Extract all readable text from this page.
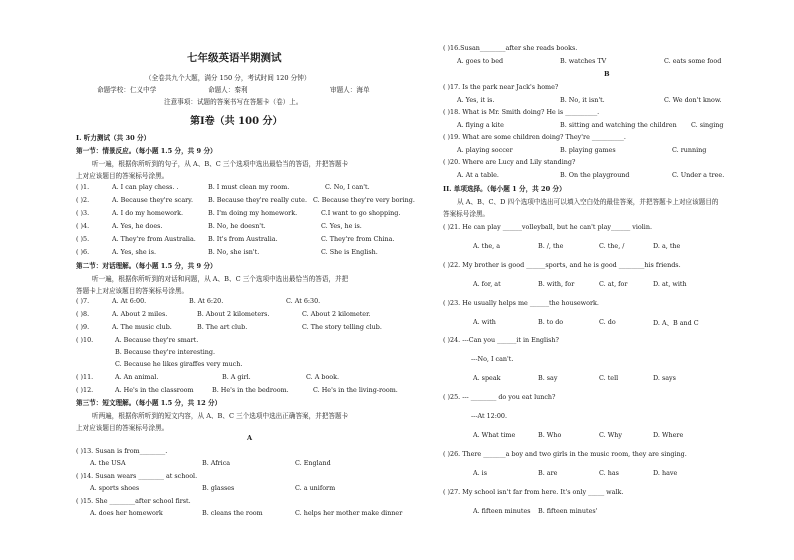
七年级英语半期测试
（全卷共九个大题，满分 150 分，考试时间 120 分钟）
命题学校：仁义中学	命题人：秦利	审题人：海单
注意事项：试题的答案书写在答题卡（卷）上。
第Ⅰ卷（共 100 分）
I. 听力测试（共 30 分）
第一节：情景反应。（每小题 1.5 分，共 9 分）
听一遍，根据你所听到的句子，从 A、B、C 三个选项中选出最恰当的答语，并把答题卡
上对应该题目的答案标号涂黑。
( )1.	A. I can play chess. .	B. I must clean my room.	C. No, I can't.
( )2.	A. Because they're scary. B. Because they're really cute. C. Because they're very boring.
( )3.	A. I do my homework.	B. I'm doing my homework.	C.I want to go shopping.
( )4.	A. Yes, he does.	B. No, he doesn't.	C. Yes, he is.
( )5.	A. They're from Australia. B. It's from Australia.	C. They're from China.
( )6.	A. Yes, she is.	B. No, she isn't.	C. She is English.
第二节：对话理解。（每小题 1.5 分，共 9 分）
听一遍，根据你所听到的对话和问题，从 A、B、C 三个选项中选出最恰当的答语，并把
答题卡上对应该题目的答案标号涂黑。
( )7.	A. At 6:00.	B. At 6:20.	C. At 6:30.
( )8.	A. About 2 miles.	B. About 2 kilometers.	C. About 2 kilometer.
( )9.	A. The music club.	B. The art club.	C. The story telling club.
( )10.	A. Because they're smart.
B. Because they're interesting.
C. Because he likes giraffes very much.
( )11.	A. An animal.	B. A girl.	C. A book.
( )12.	A. He's in the classroom	B. He's in the bedroom.	C. He's in the living-room.
第三节：短文理解。（每小题 1.5 分，共 12 分）
听两遍，根据你所听到的短文内容，从 A、B、C 三个选项中选出正确答案，并把答题卡
上对应该题目的答案标号涂黑。
A
( )13. Susan is from________.
A. the USA	B. Africa	C. England
( )14. Susan wears ________ at school.
A. sports shoes	B. glasses	C. a uniform
( )15. She ________after school first.
A. does her homework	B. cleans the room	C. helps her mother make dinner
( )16.Susan________after she reads books.
A. goes to bed	B. watches TV	C. eats some food
B
( )17. Is the park near Jack's home?
A. Yes, it is.	B. No, it isn't.	C. We don't know.
( )18. What is Mr. Smith doing? He is __________.
A. flying a kite	B. sitting and watching the children C. singing
( )19. What are some children doing? They're __________.
A. playing soccer	B. playing games	C. running
( )20. Where are Lucy and Lily standing?
A. At a table.	B. On the playground	C. Under a tree.
II. 单项选择。（每小题 1 分，共 20 分）
从 A、B、C、D 四个选项中选出可以填入空白处的最佳答案，并把答题卡上对应该题目的
答案标号涂黑。
( )21. He can play ______volleyball, but he can't play______ violin.
A. the, a	B. /, the	C. the, /	D. a, the
( )22. My brother is good ______sports, and he is good ________his friends.
A. for, at	B. with, for	C. at, for	D. at, with
( )23. He usually helps me ______the housework.
A. with	B. to do	C. do	D. A、B and C
( )24. ---Can you ______it in English?
---No, I can't.
A. speak	B. say	C. tell	D. says
( )25. --- ________ do you eat lunch?
---At 12:00.
A. What time	B. Who	C. Why	D. Where
( )26. There _______a boy and two girls in the music room, they are singing.
A. is	B. are	C. has	D. have
( )27. My school isn't far from here. It's only _____ walk.
A. fifteen minutes B. fifteen minutes'
